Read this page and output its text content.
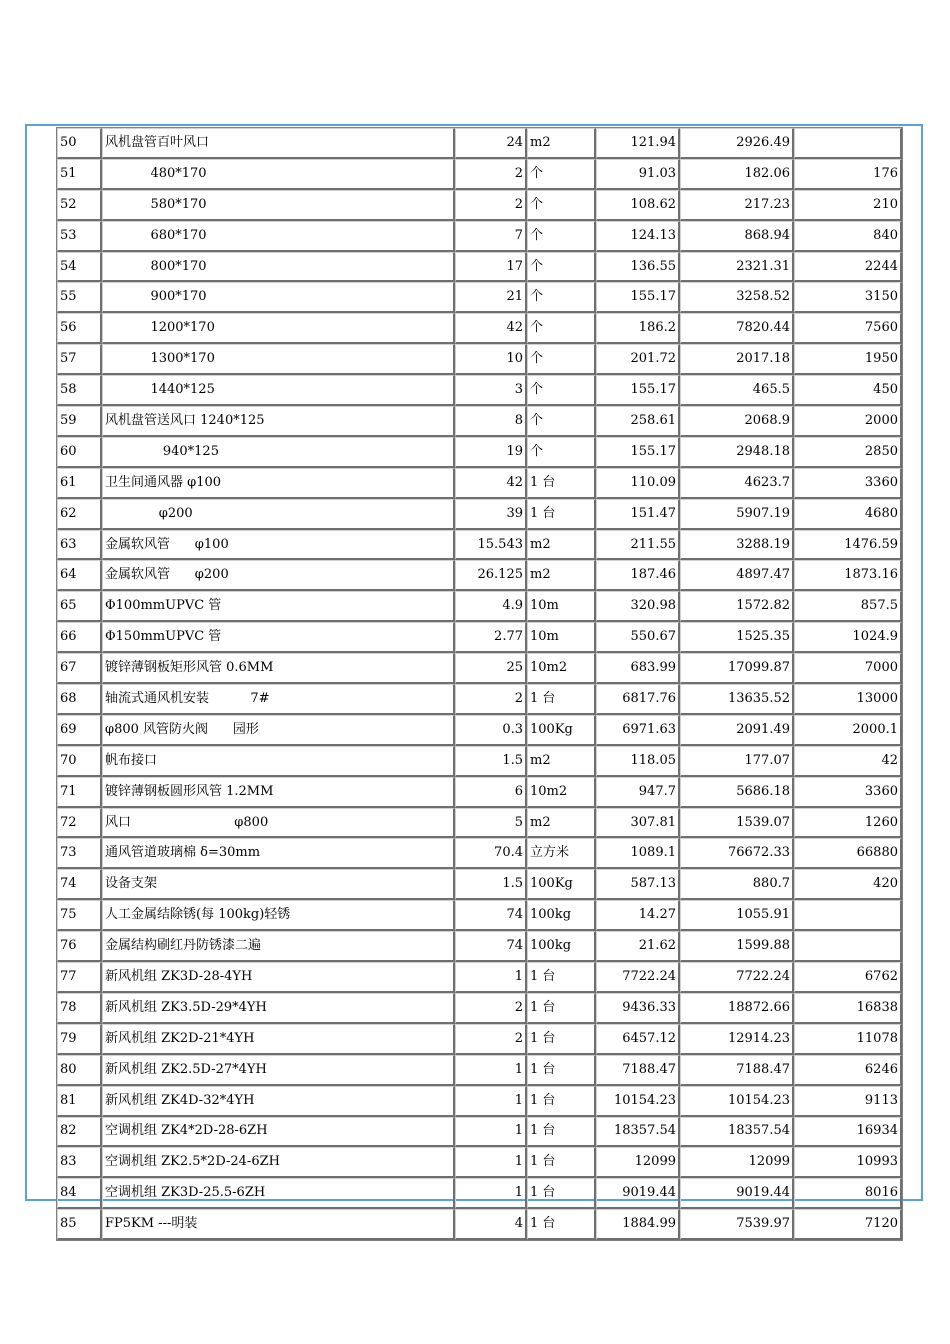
50	风机盘管百叶风口	24	m2	121.94	2926.49	
51	480*170	2	个	91.03	182.06	176
52	580*170	2	个	108.62	217.23	210
53	680*170	7	个	124.13	868.94	840
54	800*170	17	个	136.55	2321.31	2244
55	900*170	21	个	155.17	3258.52	3150
56	1200*170	42	个	186.2	7820.44	7560
57	1300*170	10	个	201.72	2017.18	1950
58	1440*125	3	个	155.17	465.5	450
59	风机盘管送风口 1240*125	8	个	258.61	2068.9	2000
60	940*125	19	个	155.17	2948.18	2850
61	卫生间通风器 φ100	42	1 台	110.09	4623.7	3360
62	φ200	39	1 台	151.47	5907.19	4680
63	金属软风管      φ100	15.543	m2	211.55	3288.19	1476.59
64	金属软风管      φ200	26.125	m2	187.46	4897.47	1873.16
65	Φ100mmUPVC 管	4.9	10m	320.98	1572.82	857.5
66	Φ150mmUPVC 管	2.77	10m	550.67	1525.35	1024.9
67	镀锌薄钢板矩形风管 0.6MM	25	10m2	683.99	17099.87	7000
68	轴流式通风机安装          7#	2	1 台	6817.76	13635.52	13000
69	φ800 风管防火阀      园形	0.3	100Kg	6971.63	2091.49	2000.1
70	帆布接口	1.5	m2	118.05	177.07	42
71	镀锌薄钢板圆形风管 1.2MM	6	10m2	947.7	5686.18	3360
72	风口                         φ800	5	m2	307.81	1539.07	1260
73	通风管道玻璃棉 δ=30mm	70.4	立方米	1089.1	76672.33	66880
74	设备支架	1.5	100Kg	587.13	880.7	420
75	人工金属结除锈(每 100kg)轻锈	74	100kg	14.27	1055.91	
76	金属结构刷红丹防锈漆二遍	74	100kg	21.62	1599.88	
77	新风机组 ZK3D-28-4YH	1	1 台	7722.24	7722.24	6762
78	新风机组 ZK3.5D-29*4YH	2	1 台	9436.33	18872.66	16838
79	新风机组 ZK2D-21*4YH	2	1 台	6457.12	12914.23	11078
80	新风机组 ZK2.5D-27*4YH	1	1 台	7188.47	7188.47	6246
81	新风机组 ZK4D-32*4YH	1	1 台	10154.23	10154.23	9113
82	空调机组 ZK4*2D-28-6ZH	1	1 台	18357.54	18357.54	16934
83	空调机组 ZK2.5*2D-24-6ZH	1	1 台	12099	12099	10993
84	空调机组 ZK3D-25.5-6ZH	1	1 台	9019.44	9019.44	8016
85	FP5KM ---明装	4	1 台	1884.99	7539.97	7120
